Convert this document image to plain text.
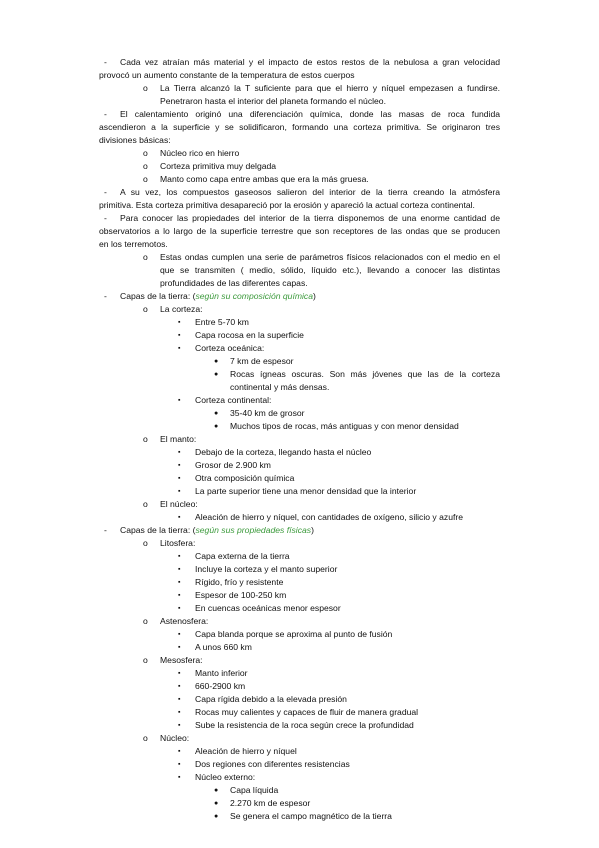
- Cada vez atraían más material y el impacto de estos restos de la nebulosa a gran velocidad
provocó un aumento constante de la temperatura de estos cuerpos
o La Tierra alcanzó la T suficiente para que el hierro y níquel empezasen a fundirse.
Penetraron hasta el interior del planeta formando el núcleo.
- El calentamiento originó una diferenciación química, donde las masas de roca fundida
ascendieron a la superficie y se solidificaron, formando una corteza primitiva. Se originaron tres
divisiones básicas:
o Núcleo rico en hierro
o Corteza primitiva muy delgada
o Manto como capa entre ambas que era la más gruesa.
- A su vez, los compuestos gaseosos salieron del interior de la tierra creando la atmósfera
primitiva. Esta corteza primitiva desapareció por la erosión y apareció la actual corteza continental.
- Para conocer las propiedades del interior de la tierra disponemos de una enorme cantidad de
observatorios a lo largo de la superficie terrestre que son receptores de las ondas que se producen
en los terremotos.
o Estas ondas cumplen una serie de parámetros físicos relacionados con el medio en el
que se transmiten ( medio, sólido, líquido etc.), llevando a conocer las distintas
profundidades de las diferentes capas.
- Capas de la tierra: (según su composición química)
o La corteza:
▪ Entre 5-70 km
▪ Capa rocosa en la superficie
▪ Corteza oceánica:
● 7 km de espesor
● Rocas ígneas oscuras. Son más jóvenes que las de la corteza
continental y más densas.
▪ Corteza continental:
● 35-40 km de grosor
● Muchos tipos de rocas, más antiguas y con menor densidad
o El manto:
▪ Debajo de la corteza, llegando hasta el núcleo
▪ Grosor de 2.900 km
▪ Otra composición química
▪ La parte superior tiene una menor densidad que la interior
o El núcleo:
▪ Aleación de hierro y níquel, con cantidades de oxígeno, silicio y azufre
- Capas de la tierra: (según sus propiedades físicas)
o Litosfera:
▪ Capa externa de la tierra
▪ Incluye la corteza y el manto superior
▪ Rígido, frío y resistente
▪ Espesor de 100-250 km
▪ En cuencas oceánicas menor espesor
o Astenosfera:
▪ Capa blanda porque se aproxima al punto de fusión
▪ A unos 660 km
o Mesosfera:
▪ Manto inferior
▪ 660-2900 km
▪ Capa rígida debido a la elevada presión
▪ Rocas muy calientes y capaces de fluir de manera gradual
▪ Sube la resistencia de la roca según crece la profundidad
o Núcleo:
▪ Aleación de hierro y níquel
▪ Dos regiones con diferentes resistencias
▪ Núcleo externo:
● Capa líquida
● 2.270 km de espesor
● Se genera el campo magnético de la tierra
